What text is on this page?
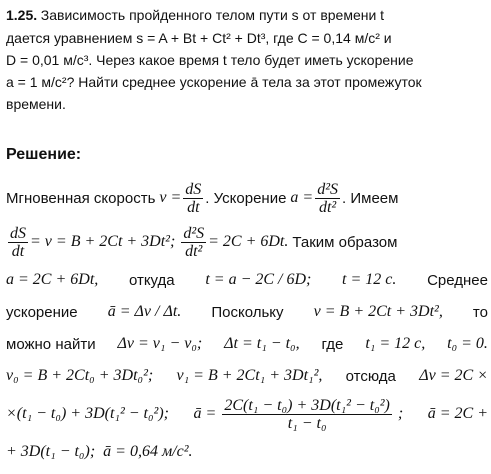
1.25. Зависимость пройденного телом пути s от времени t

дается уравнением s = A + Bt + Ct² + Dt³, где C = 0,14 м/с² и

D = 0,01 м/с³. Через какое время t тело будет иметь ускорение

a = 1 м/с²? Найти среднее ускорение ā тела за этот промежуток

времени.

Решение:
Мгновенная скорость
$v = \frac{dS}{dt}$ . Ускорение
$a = \frac{\text{d²S}}{\text{dt²}}$ . Имеем
$\frac{dS}{dt} = v = B + 2Ct + 3Dt^2$;
$\frac{\text{d²S}}{\text{dt²}} = 2C + 6Dt$.
Таким образом
a = 2C + 6Dt, откуда t = a − 2C / 6D; t = 12 с. Среднее
ускорение ā = Δv / Δt. Поскольку v = B + 2Ct + 3Dt², то
можно найти Δv = v₁ − v₀; Δt = t₁ − t₀, где t₁ = 12 с, t₀ = 0.
v₀ = B + 2Ct₀ + 3Dt₀²; v₁ = B + 2Ct₁ + 3Dt₁², отсюда Δv = 2C ×
×(t₁ − t₀) + 3D(t₁² − t₀²); ā = $\frac{\text{2C(t₁ − t₀) + 3D(t₁² − t₀²)}}{\text{t₁ − t₀}}$ ; ā = 2C +
+ 3D(t₁ − t₀);
ā = 0,64 м/с².
